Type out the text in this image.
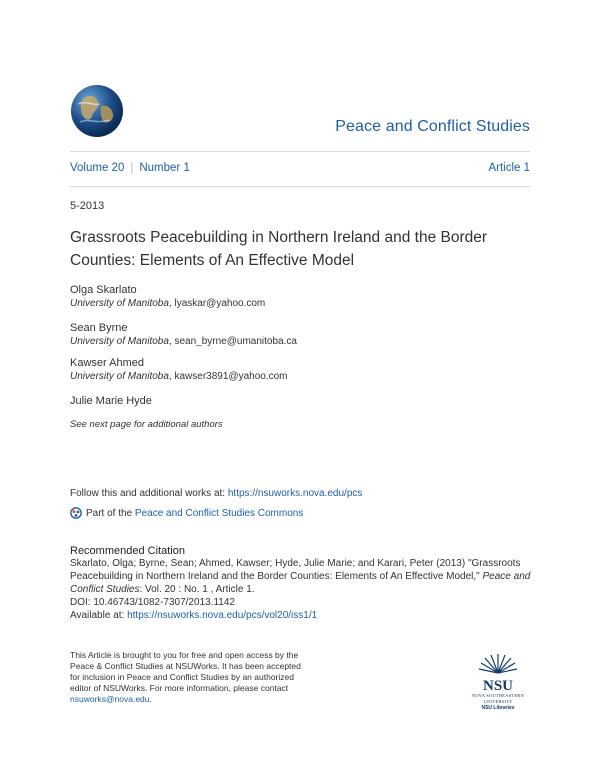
Peace and Conflict Studies
Volume 20 | Number 1	Article 1
5-2013
Grassroots Peacebuilding in Northern Ireland and the Border Counties: Elements of An Effective Model
Olga Skarlato
University of Manitoba, lyaskar@yahoo.com
Sean Byrne
University of Manitoba, sean_byrne@umanitoba.ca
Kawser Ahmed
University of Manitoba, kawser3891@yahoo.com
Julie Marie Hyde
See next page for additional authors
Follow this and additional works at: https://nsuworks.nova.edu/pcs
Part of the Peace and Conflict Studies Commons
Recommended Citation
Skarlato, Olga; Byrne, Sean; Ahmed, Kawser; Hyde, Julie Marie; and Karari, Peter (2013) "Grassroots Peacebuilding in Northern Ireland and the Border Counties: Elements of An Effective Model," Peace and Conflict Studies: Vol. 20 : No. 1 , Article 1.
DOI: 10.46743/1082-7307/2013.1142
Available at: https://nsuworks.nova.edu/pcs/vol20/iss1/1
This Article is brought to you for free and open access by the Peace & Conflict Studies at NSUWorks. It has been accepted for inclusion in Peace and Conflict Studies by an authorized editor of NSUWorks. For more information, please contact nsuworks@nova.edu.
NSU
NOVA SOUTHEASTERN UNIVERSITY
NSU Libraries
